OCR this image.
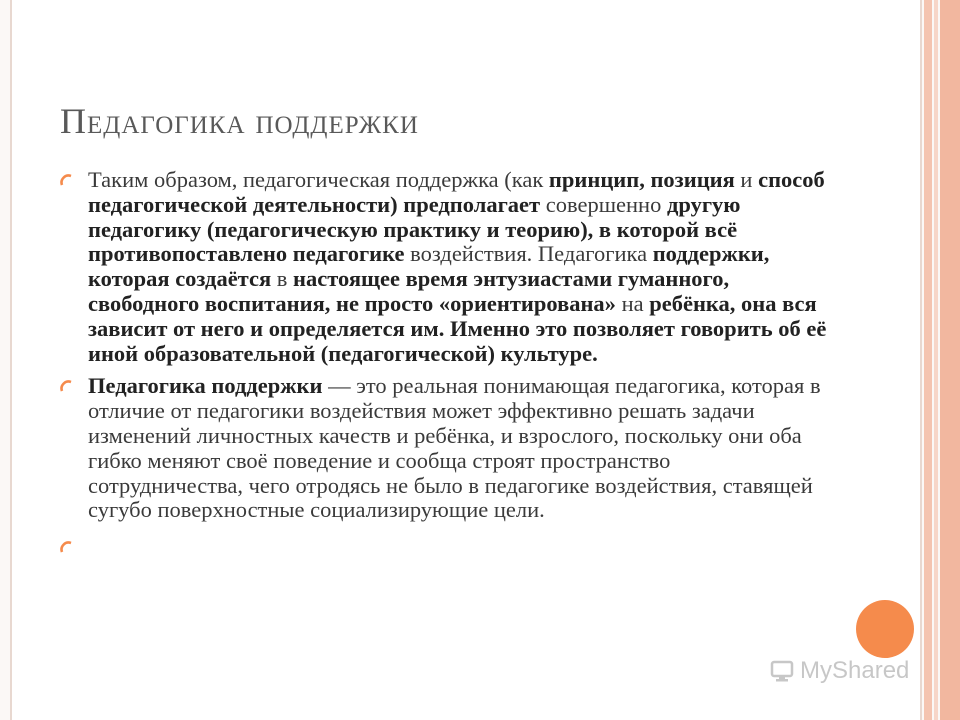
Педагогика поддержки
Таким образом, педагогическая поддержка (как принцип, позиция и способ педагогической деятельности) предполагает совершенно другую педагогику (педагогическую практику и теорию), в которой всё противопоставлено педагогике воздействия. Педагогика поддержки, которая создаётся в настоящее время энтузиастами гуманного, свободного воспитания, не просто «ориентирована» на ребёнка, она вся зависит от него и определяется им. Именно это позволяет говорить об её иной образовательной (педагогической) культуре.
Педагогика поддержки — это реальная понимающая педагогика, которая в отличие от педагогики воздействия может эффективно решать задачи изменений личностных качеств и ребёнка, и взрослого, поскольку они оба гибко меняют своё поведение и сообща строят пространство сотрудничества, чего отродясь не было в педагогике воздействия, ставящей сугубо поверхностные социализирующие цели.

MyShared
